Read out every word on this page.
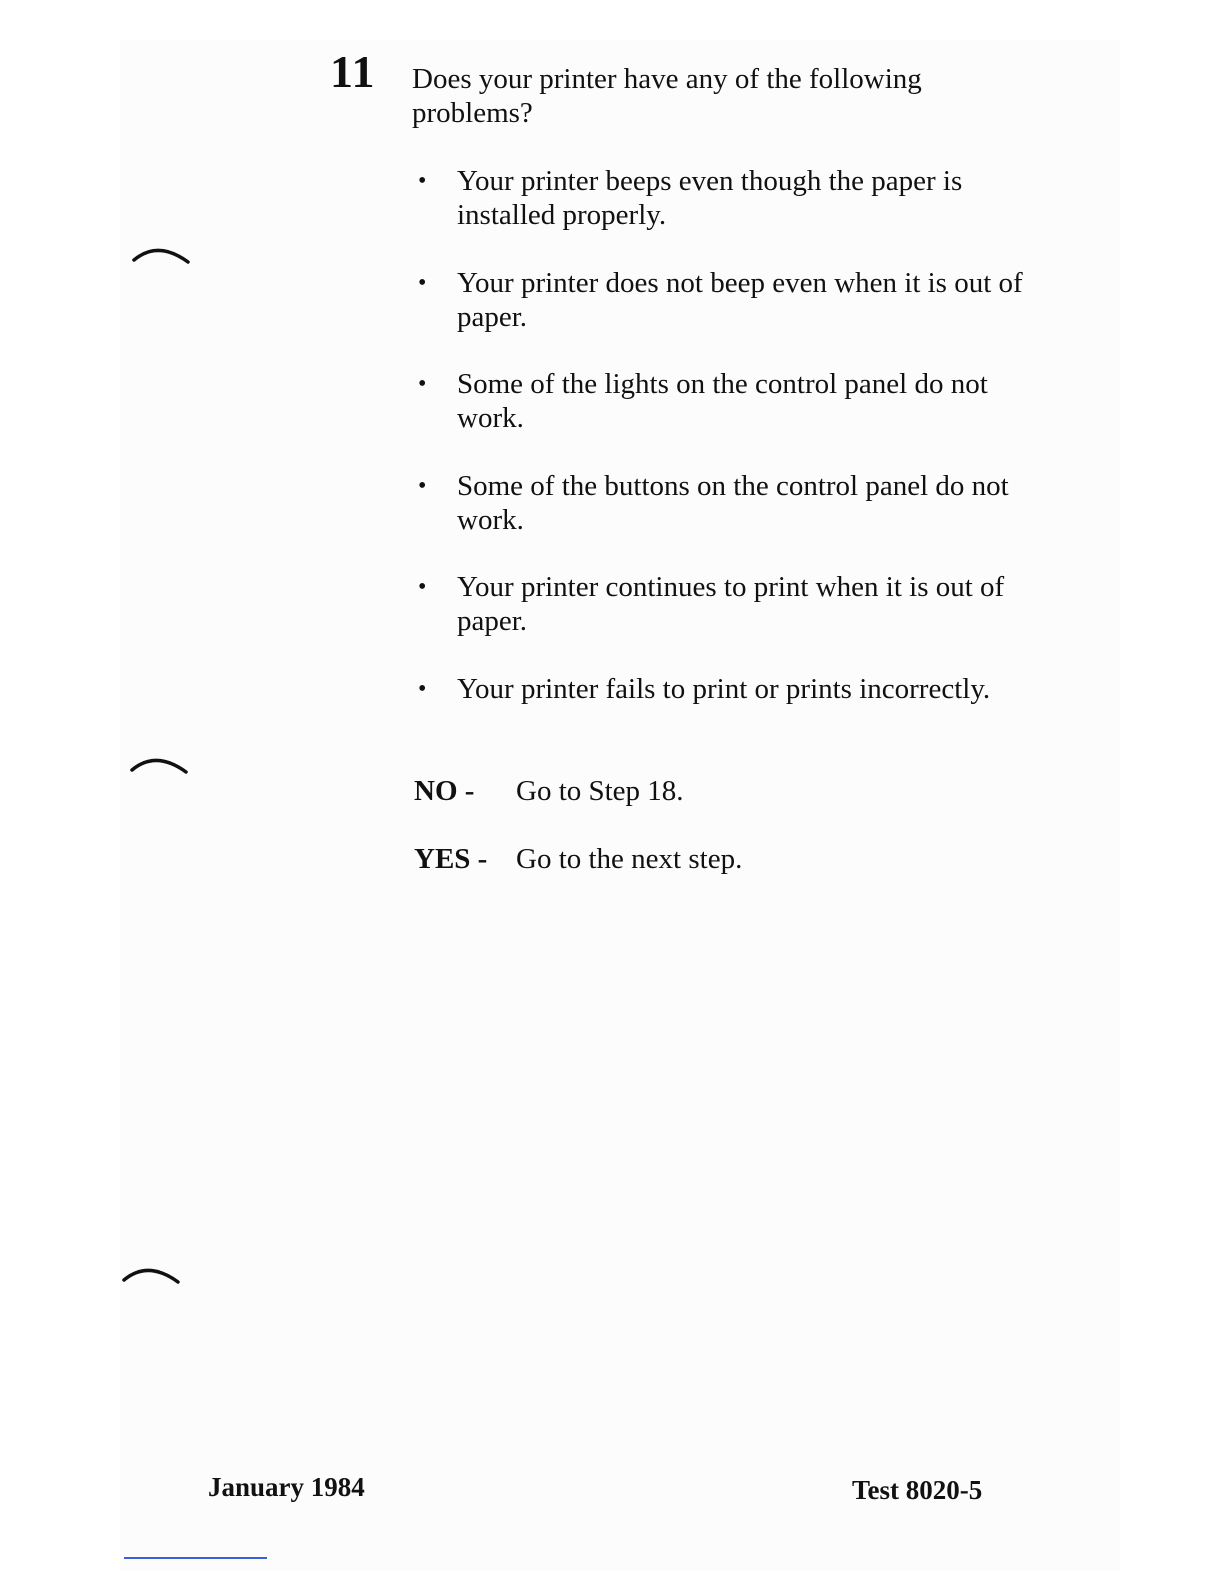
11 Does your printer have any of the following problems?
• Your printer beeps even though the paper is installed properly.
• Your printer does not beep even when it is out of paper.
• Some of the lights on the control panel do not work.
• Some of the buttons on the control panel do not work.
• Your printer continues to print when it is out of paper.
• Your printer fails to print or prints incorrectly.
NO - Go to Step 18.
YES - Go to the next step.
January 1984	Test 8020-5
